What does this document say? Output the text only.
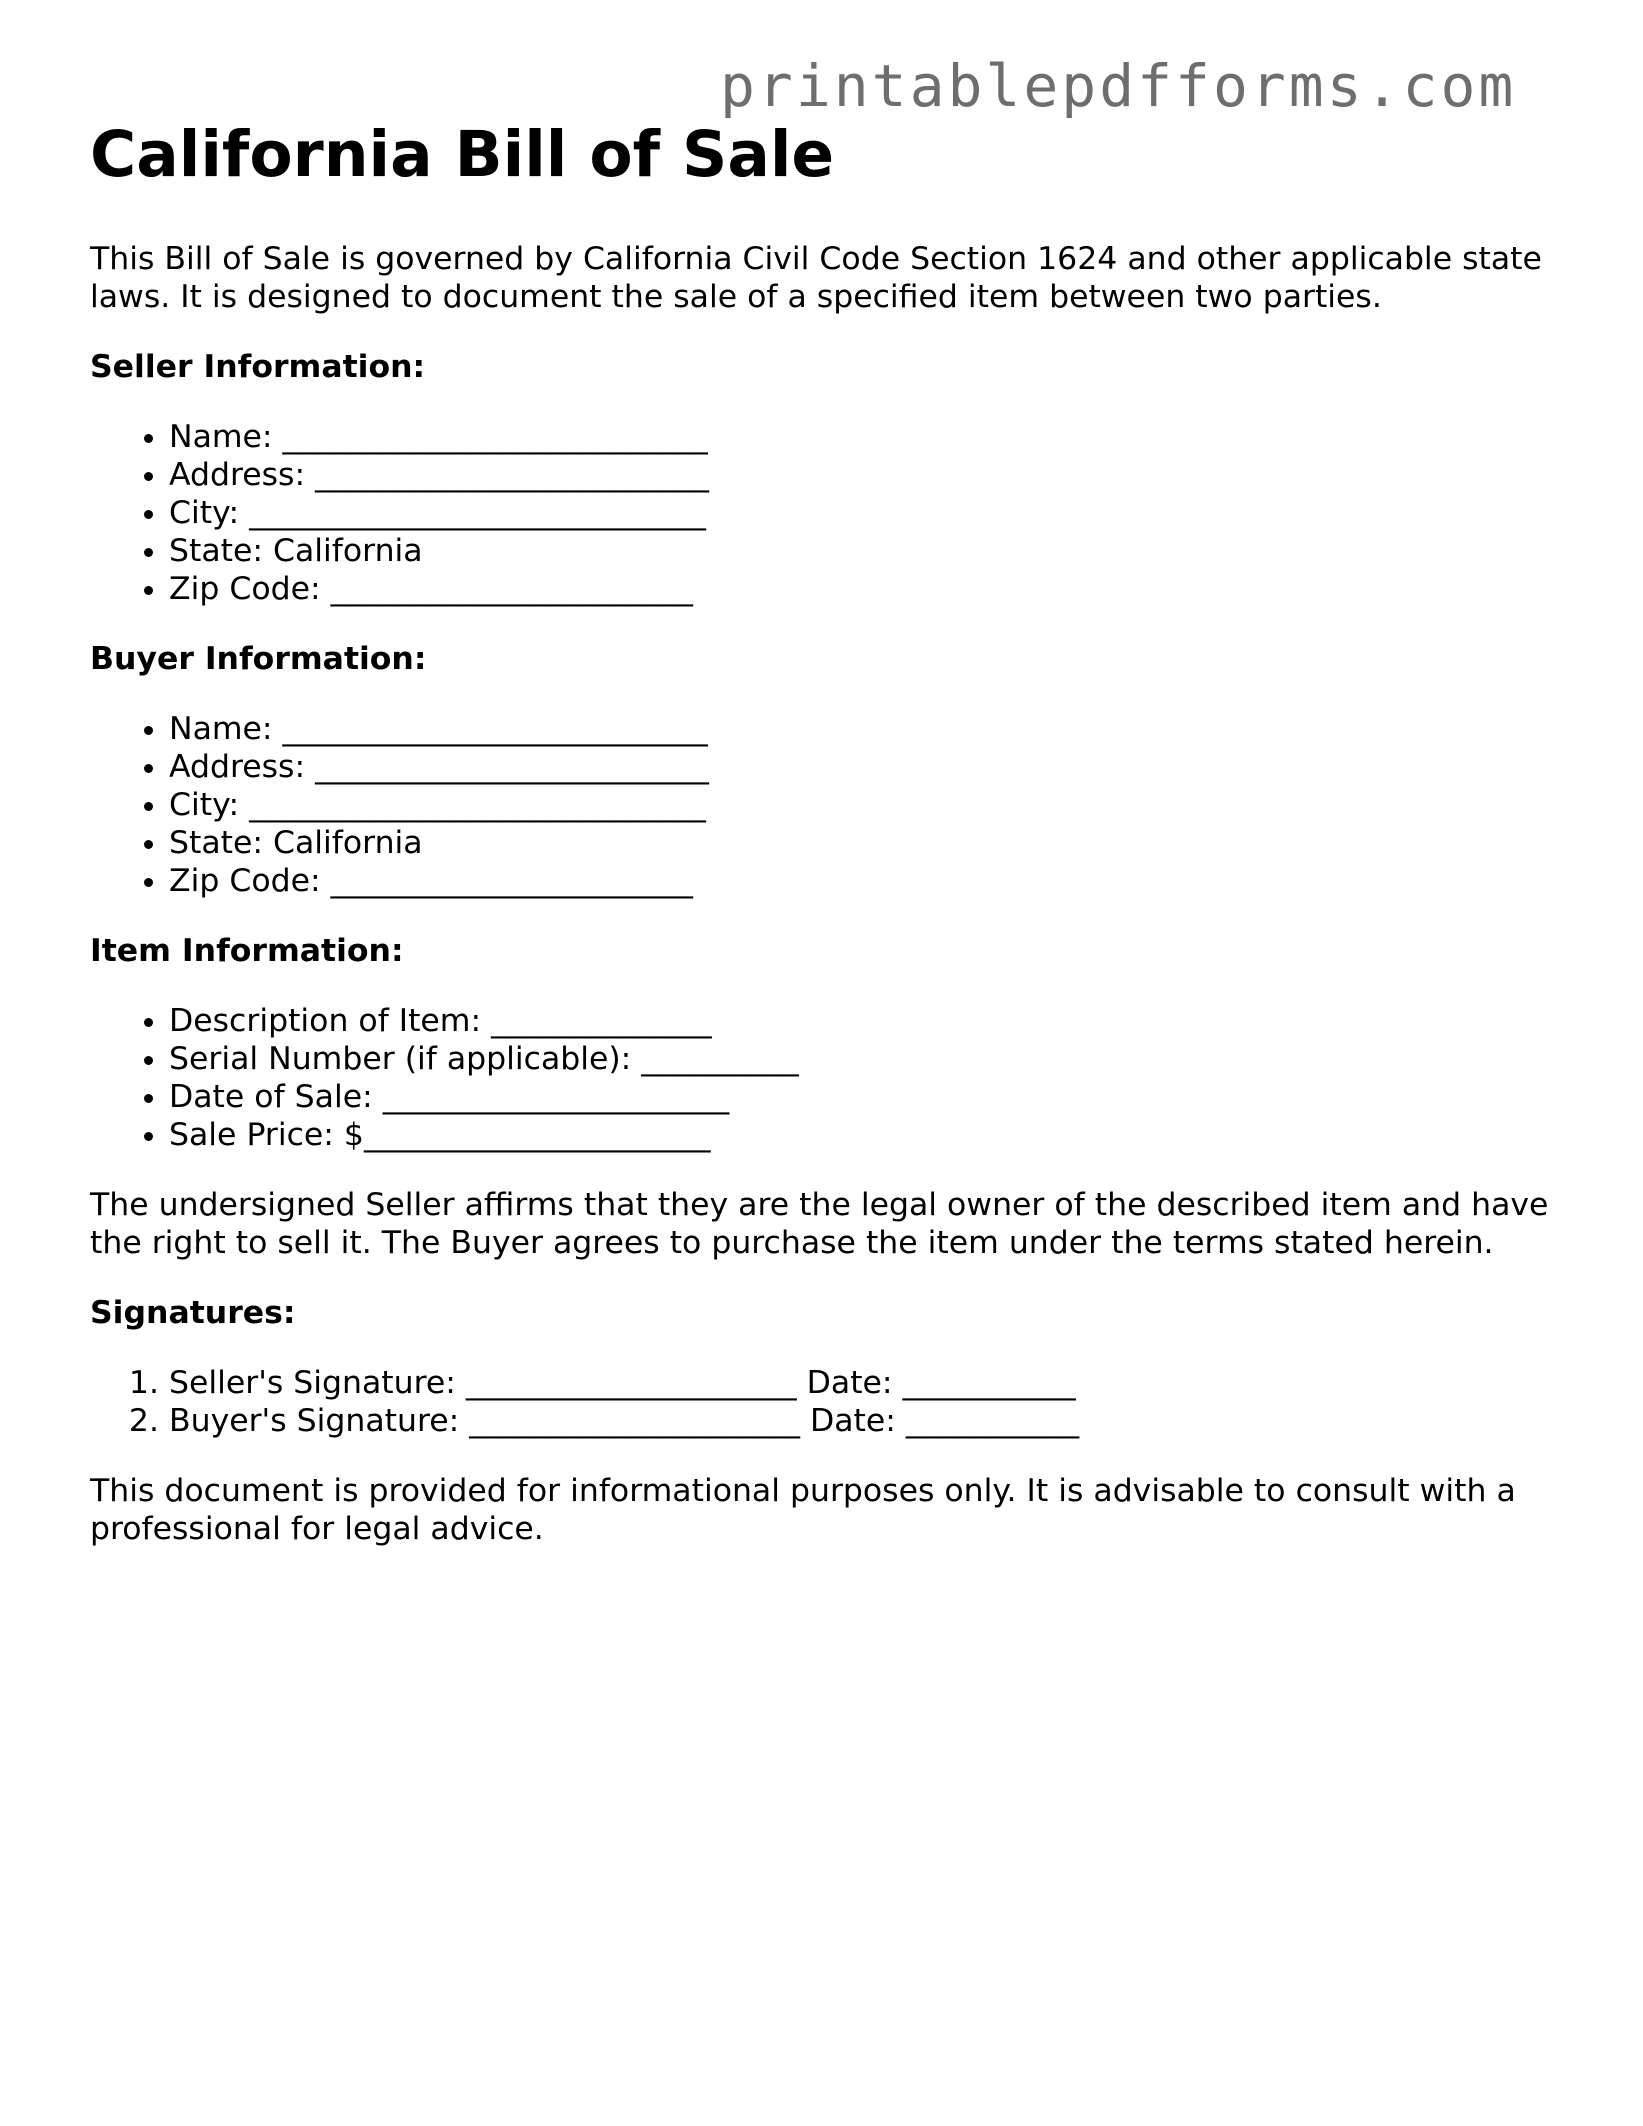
printablepdfforms.com
California Bill of Sale

This Bill of Sale is governed by California Civil Code Section 1624 and other applicable state laws. It is designed to document the sale of a specified item between two parties.

Seller Information:
• Name: ___________________________
• Address: _________________________
• City: _____________________________
• State: California
• Zip Code: _______________________
Buyer Information:
• Name: ___________________________
• Address: _________________________
• City: _____________________________
• State: California
• Zip Code: _______________________
Item Information:
• Description of Item: ______________
• Serial Number (if applicable): __________
• Date of Sale: ______________________
• Sale Price: $______________________

The undersigned Seller affirms that they are the legal owner of the described item and have the right to sell it. The Buyer agrees to purchase the item under the terms stated herein.

Signatures:
1. Seller's Signature: _____________________ Date: ___________
2. Buyer's Signature: _____________________ Date: ___________

This document is provided for informational purposes only. It is advisable to consult with a professional for legal advice.
